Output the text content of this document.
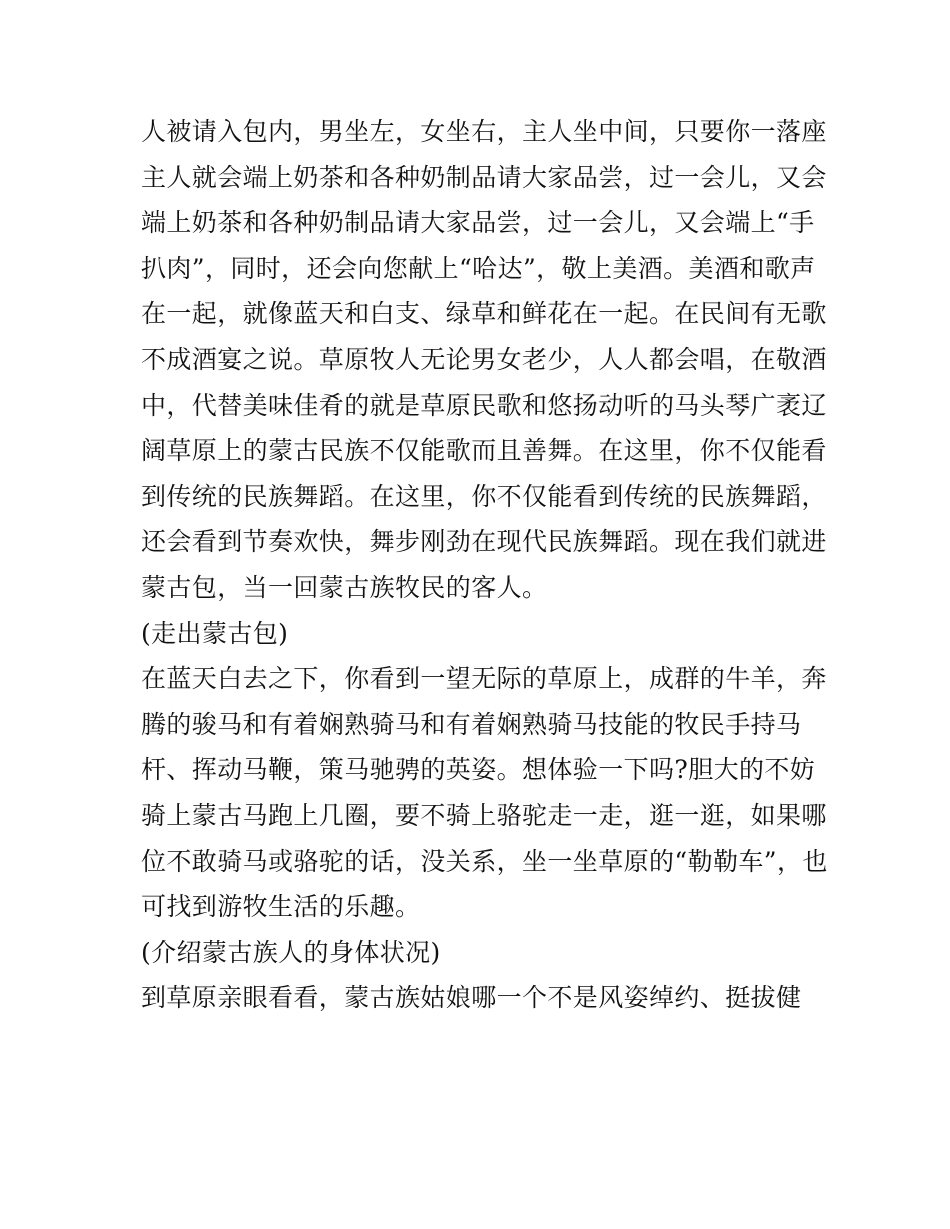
人被请入包内，男坐左，女坐右，主人坐中间，只要你一落座
主人就会端上奶茶和各种奶制品请大家品尝，过一会儿，又会
端上奶茶和各种奶制品请大家品尝，过一会儿，又会端上“手
扒肉”，同时，还会向您献上“哈达”，敬上美酒。美酒和歌声
在一起，就像蓝天和白支、绿草和鲜花在一起。在民间有无歌
不成酒宴之说。草原牧人无论男女老少，人人都会唱，在敬酒
中，代替美味佳肴的就是草原民歌和悠扬动听的马头琴广袤辽
阔草原上的蒙古民族不仅能歌而且善舞。在这里，你不仅能看
到传统的民族舞蹈。在这里，你不仅能看到传统的民族舞蹈，
还会看到节奏欢快，舞步刚劲在现代民族舞蹈。现在我们就进
蒙古包，当一回蒙古族牧民的客人。
(走出蒙古包)
在蓝天白去之下，你看到一望无际的草原上，成群的牛羊，奔
腾的骏马和有着娴熟骑马和有着娴熟骑马技能的牧民手持马
杆、挥动马鞭，策马驰骋的英姿。想体验一下吗?胆大的不妨
骑上蒙古马跑上几圈，要不骑上骆驼走一走，逛一逛，如果哪
位不敢骑马或骆驼的话，没关系，坐一坐草原的“勒勒车”，也
可找到游牧生活的乐趣。
(介绍蒙古族人的身体状况)
到草原亲眼看看，蒙古族姑娘哪一个不是风姿绰约、挺拔健
